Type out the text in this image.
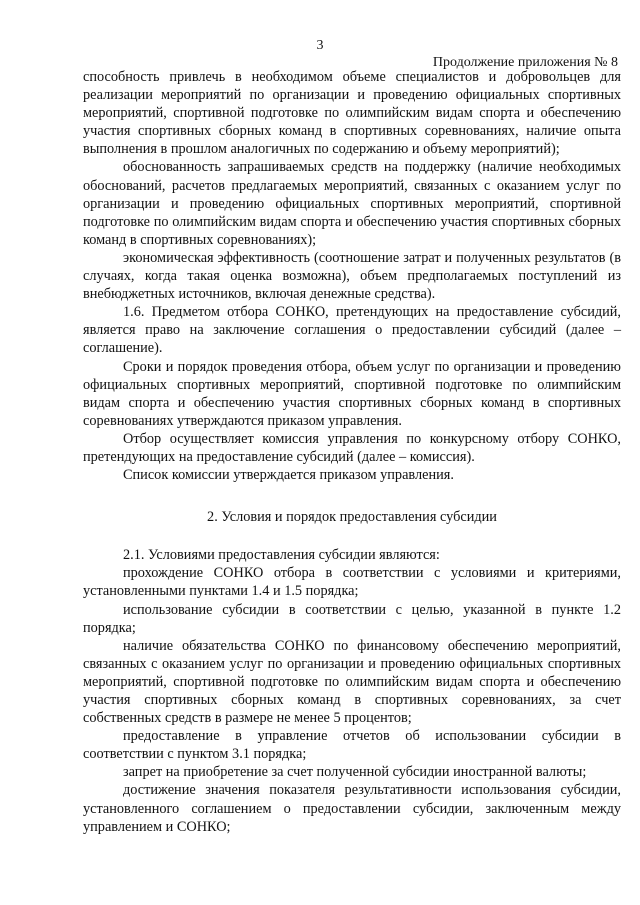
3
Продолжение приложения № 8

способность привлечь в необходимом объеме специалистов и добровольцев для реализации мероприятий по организации и проведению официальных спортивных мероприятий, спортивной подготовке по олимпийским видам спорта и обеспечению участия спортивных сборных команд в спортивных соревнованиях, наличие опыта выполнения в прошлом аналогичных по содержанию и объему мероприятий);

обоснованность запрашиваемых средств на поддержку (наличие необходимых обоснований, расчетов предлагаемых мероприятий, связанных с оказанием услуг по организации и проведению официальных спортивных мероприятий, спортивной подготовке по олимпийским видам спорта и обеспечению участия спортивных сборных команд в спортивных соревнованиях);

экономическая эффективность (соотношение затрат и полученных результатов (в случаях, когда такая оценка возможна), объем предполагаемых поступлений из внебюджетных источников, включая денежные средства).

1.6. Предметом отбора СОНКО, претендующих на предоставление субсидий, является право на заключение соглашения о предоставлении субсидий (далее – соглашение).

Сроки и порядок проведения отбора, объем услуг по организации и проведению официальных спортивных мероприятий, спортивной подготовке по олимпийским видам спорта и обеспечению участия спортивных сборных команд в спортивных соревнованиях утверждаются приказом управления.

Отбор осуществляет комиссия управления по конкурсному отбору СОНКО, претендующих на предоставление субсидий (далее – комиссия).

Список комиссии утверждается приказом управления.

2. Условия и порядок предоставления субсидии

2.1. Условиями предоставления субсидии являются:

прохождение СОНКО отбора в соответствии с условиями и критериями, установленными пунктами 1.4 и 1.5 порядка;

использование субсидии в соответствии с целью, указанной в пункте 1.2 порядка;

наличие обязательства СОНКО по финансовому обеспечению мероприятий, связанных с оказанием услуг по организации и проведению официальных спортивных мероприятий, спортивной подготовке по олимпийским видам спорта и обеспечению участия спортивных сборных команд в спортивных соревнованиях, за счет собственных средств в размере не менее 5 процентов;

предоставление в управление отчетов об использовании субсидии в соответствии с пунктом 3.1 порядка;

запрет на приобретение за счет полученной субсидии иностранной валюты;

достижение значения показателя результативности использования субсидии, установленного соглашением о предоставлении субсидии, заключенным между управлением и СОНКО;
